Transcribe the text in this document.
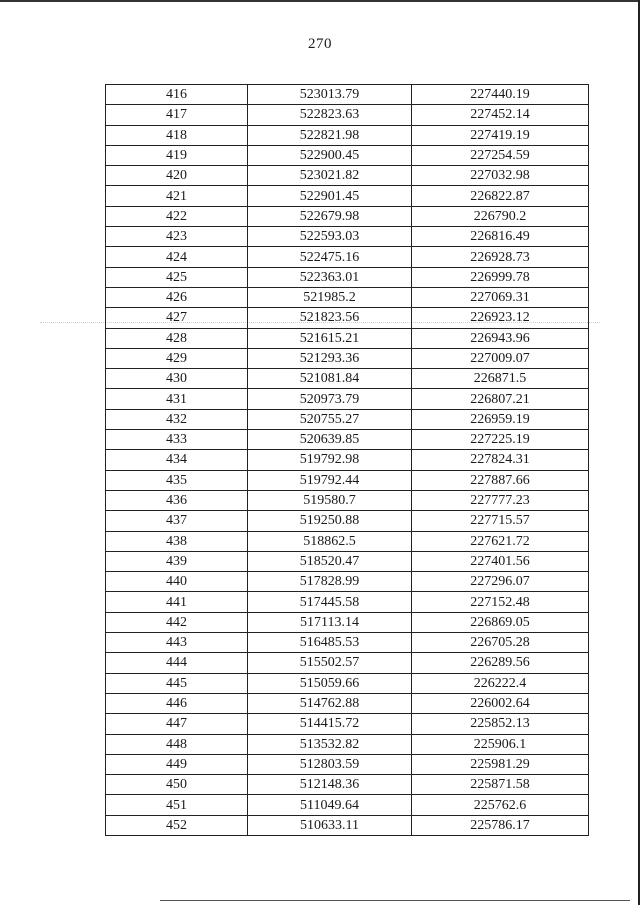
270
416	523013.79	227440.19
417	522823.63	227452.14
418	522821.98	227419.19
419	522900.45	227254.59
420	523021.82	227032.98
421	522901.45	226822.87
422	522679.98	226790.2
423	522593.03	226816.49
424	522475.16	226928.73
425	522363.01	226999.78
426	521985.2	227069.31
427	521823.56	226923.12
428	521615.21	226943.96
429	521293.36	227009.07
430	521081.84	226871.5
431	520973.79	226807.21
432	520755.27	226959.19
433	520639.85	227225.19
434	519792.98	227824.31
435	519792.44	227887.66
436	519580.7	227777.23
437	519250.88	227715.57
438	518862.5	227621.72
439	518520.47	227401.56
440	517828.99	227296.07
441	517445.58	227152.48
442	517113.14	226869.05
443	516485.53	226705.28
444	515502.57	226289.56
445	515059.66	226222.4
446	514762.88	226002.64
447	514415.72	225852.13
448	513532.82	225906.1
449	512803.59	225981.29
450	512148.36	225871.58
451	511049.64	225762.6
452	510633.11	225786.17
